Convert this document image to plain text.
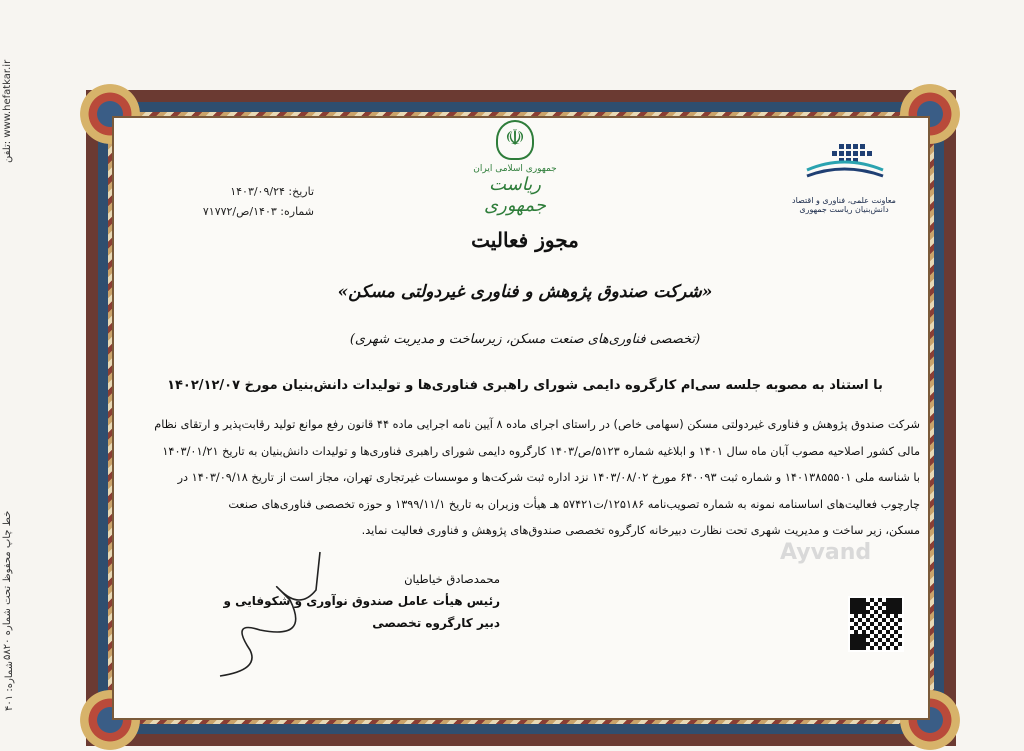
خط چاپ محفوظ تحت شماره ۵۸۲۰
تلفن: www.hefatkar.ir
شماره: ۴۰۱
معاونت علمی، فناوری و اقتصاد دانش‌بنیان ریاست جمهوری
☫
جمهوری اسلامی ایران
ریاست جمهوری
تاریخ: ۱۴۰۳/۰۹/۲۴
شماره: ۱۴۰۳/ص/۷۱۷۷۲
مجوز فعالیت
«شرکت صندوق پژوهش و فناوری غیردولتی مسکن»
(تخصصی فناوری‌های صنعت مسکن، زیرساخت و مدیریت شهری)
با استناد به مصوبه جلسه سی‌ام کارگروه دایمی شورای راهبری فناوری‌ها و تولیدات دانش‌بنیان مورخ ۱۴۰۲/۱۲/۰۷

شرکت صندوق پژوهش و فناوری غیردولتی مسکن (سهامی خاص) در راستای اجرای ماده ۸ آیین نامه اجرایی ماده ۴۴ قانون رفع موانع تولید رقابت‌پذیر و ارتقای نظام

مالی کشور اصلاحیه مصوب آبان ماه سال ۱۴۰۱ و ابلاغیه شماره ۵۱۲۳/ص/۱۴۰۳ کارگروه دایمی شورای راهبری فناوری‌ها و تولیدات دانش‌بنیان به تاریخ ۱۴۰۳/۰۱/۲۱

با شناسه ملی ۱۴۰۱۳۸۵۵۵۰۱ و شماره ثبت ۶۴۰۰۹۳ مورخ ۱۴۰۳/۰۸/۰۲ نزد اداره ثبت شرکت‌ها و موسسات غیرتجاری تهران، مجاز است از تاریخ ۱۴۰۳/۰۹/۱۸ در

چارچوب فعالیت‌های اساسنامه نمونه به شماره تصویب‌نامه ۱۲۵۱۸۶/ت۵۷۴۲۱ هـ هیأت وزیران به تاریخ ۱۳۹۹/۱۱/۱ و حوزه تخصصی فناوری‌های صنعت

مسکن، زیر ساخت و مدیریت شهری تحت نظارت دبیرخانه کارگروه تخصصی صندوق‌های پژوهش و فناوری فعالیت نماید.

محمدصادق خیاطیان
رئیس هیأت عامل صندوق نوآوری و شکوفایی و
دبیر کارگروه تخصصی
Ayvand
